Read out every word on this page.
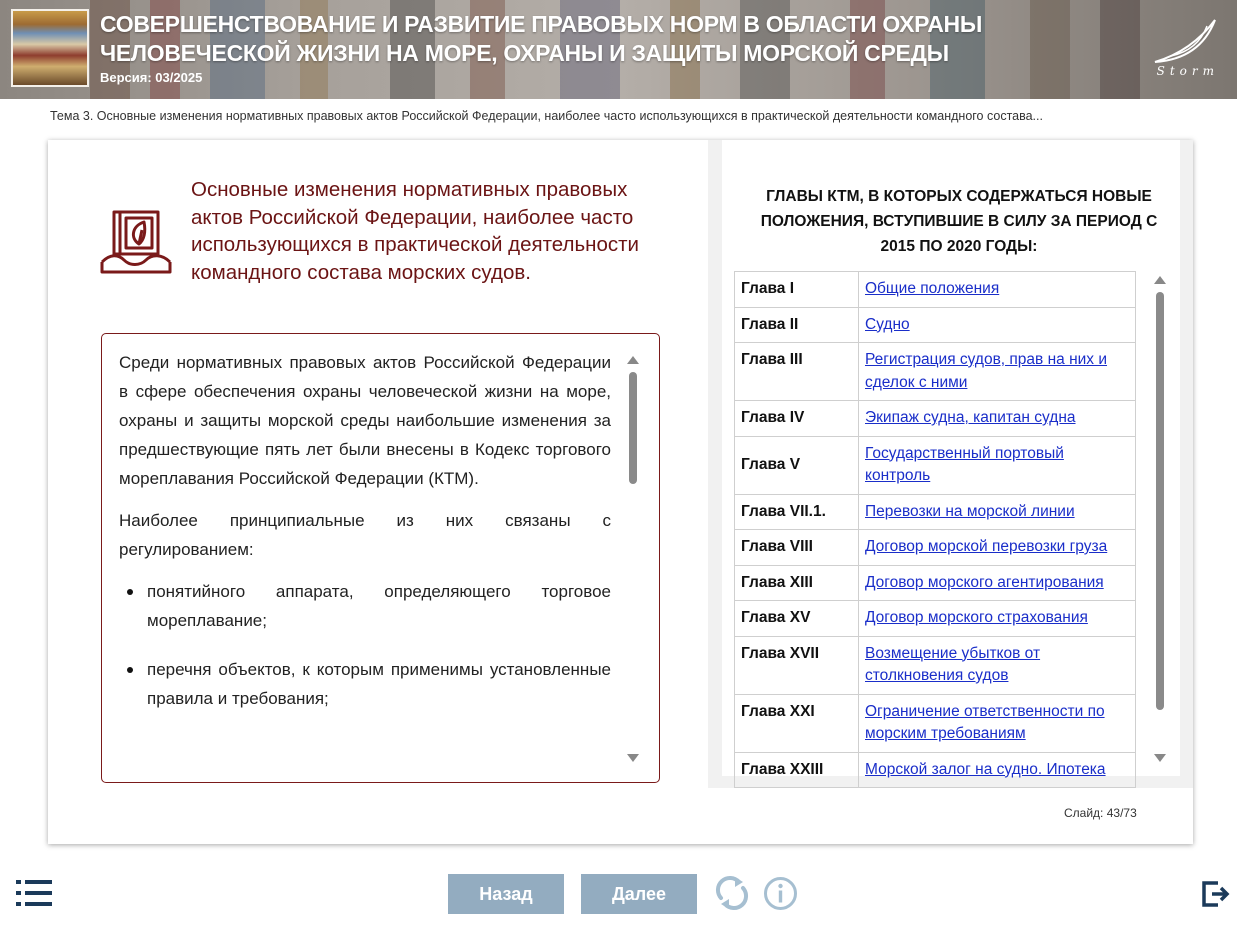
СОВЕРШЕНСТВОВАНИЕ И РАЗВИТИЕ ПРАВОВЫХ НОРМ В ОБЛАСТИ ОХРАНЫ ЧЕЛОВЕЧЕСКОЙ ЖИЗНИ НА МОРЕ, ОХРАНЫ И ЗАЩИТЫ МОРСКОЙ СРЕДЫ
Версия: 03/2025	Storm
Тема 3. Основные изменения нормативных правовых актов Российской Федерации, наиболее часто использующихся в практической деятельности командного состава...
Основные изменения нормативных правовых актов Российской Федерации, наиболее часто использующихся в практической деятельности командного состава морских судов.

Среди нормативных правовых актов Российской Федерации в сфере обеспечения охраны человеческой жизни на море, охраны и защиты морской среды наибольшие изменения за предшествующие пять лет были внесены в Кодекс торгового мореплавания Российской Федерации (КТМ).

Наиболее принципиальные из них связаны с регулированием:

понятийного аппарата, определяющего торговое мореплавание;
перечня объектов, к которым применимы установленные правила и требования;
ГЛАВЫ КТМ, В КОТОРЫХ СОДЕРЖАТЬСЯ НОВЫЕ ПОЛОЖЕНИЯ, ВСТУПИВШИЕ В СИЛУ ЗА ПЕРИОД С 2015 ПО 2020 ГОДЫ:
Глава I	Общие положения
Глава II	Судно
Глава III	Регистрация судов, прав на них и сделок с ними
Глава IV	Экипаж судна, капитан судна
Глава V	Государственный портовый контроль
Глава VII.1.	Перевозки на морской линии
Глава VIII	Договор морской перевозки груза
Глава XIII	Договор морского агентирования
Глава XV	Договор морского страхования
Глава XVII	Возмещение убытков от столкновения судов
Глава XXI	Ограничение ответственности по морским требованиям
Глава XXIII	Морской залог на судно. Ипотека
Слайд: 43/73
Назад	Далее
